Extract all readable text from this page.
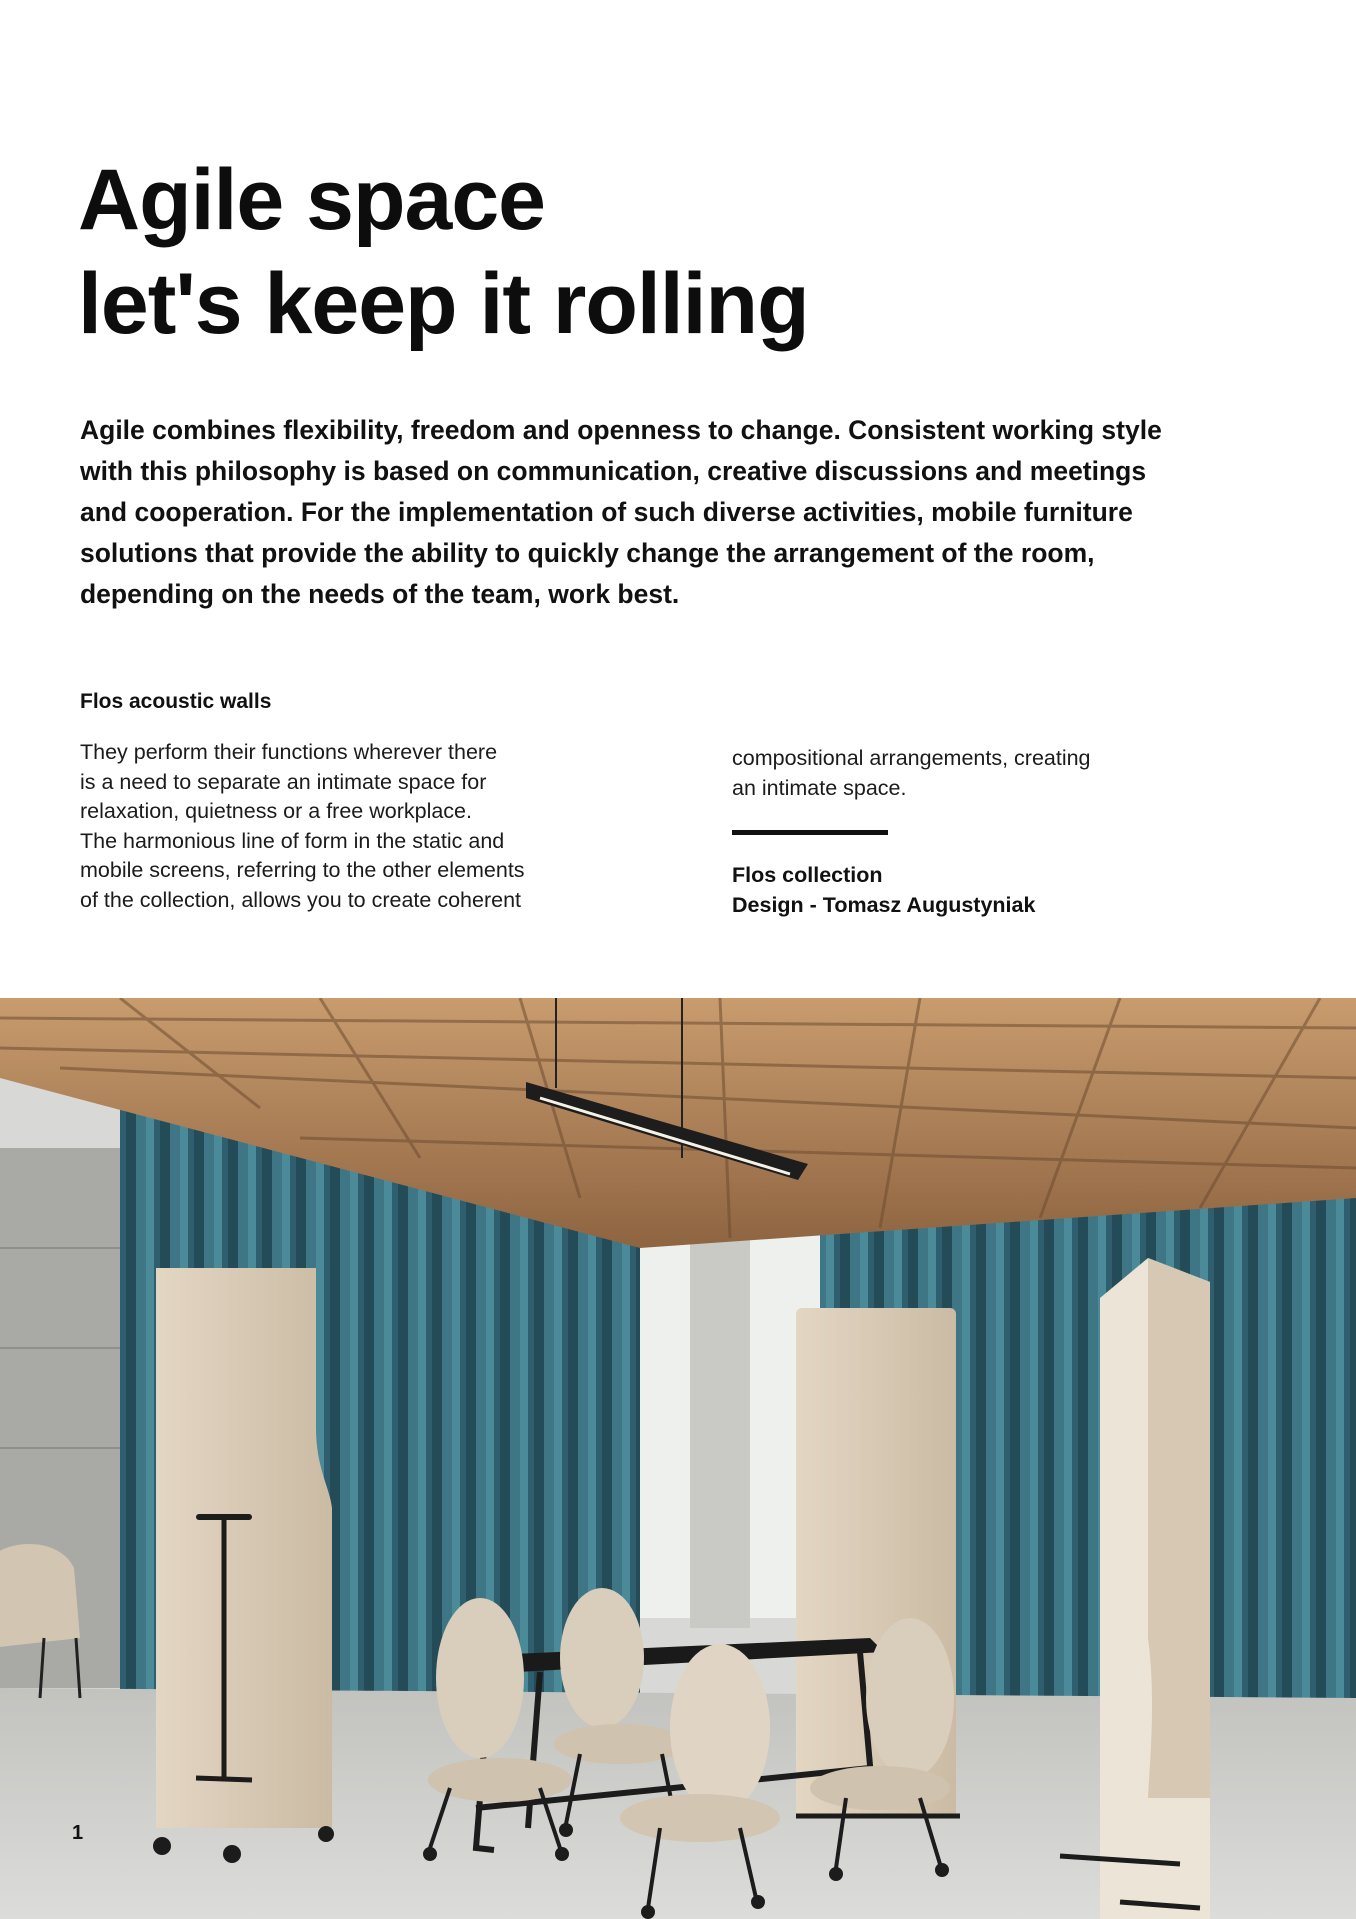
Agile space
let's keep it rolling

Agile combines flexibility, freedom and openness to change. Consistent working style
with this philosophy is based on communication, creative discussions and meetings
and cooperation. For the implementation of such diverse activities, mobile furniture
solutions that provide the ability to quickly change the arrangement of the room,
depending on the needs of the team, work best.

Flos acoustic walls

They perform their functions wherever there
is a need to separate an intimate space for
relaxation, quietness or a free workplace.
The harmonious line of form in the static and
mobile screens, referring to the other elements
of the collection, allows you to create coherent

compositional arrangements, creating
an intimate space.

Flos collection
Design - Tomasz Augustyniak

1
